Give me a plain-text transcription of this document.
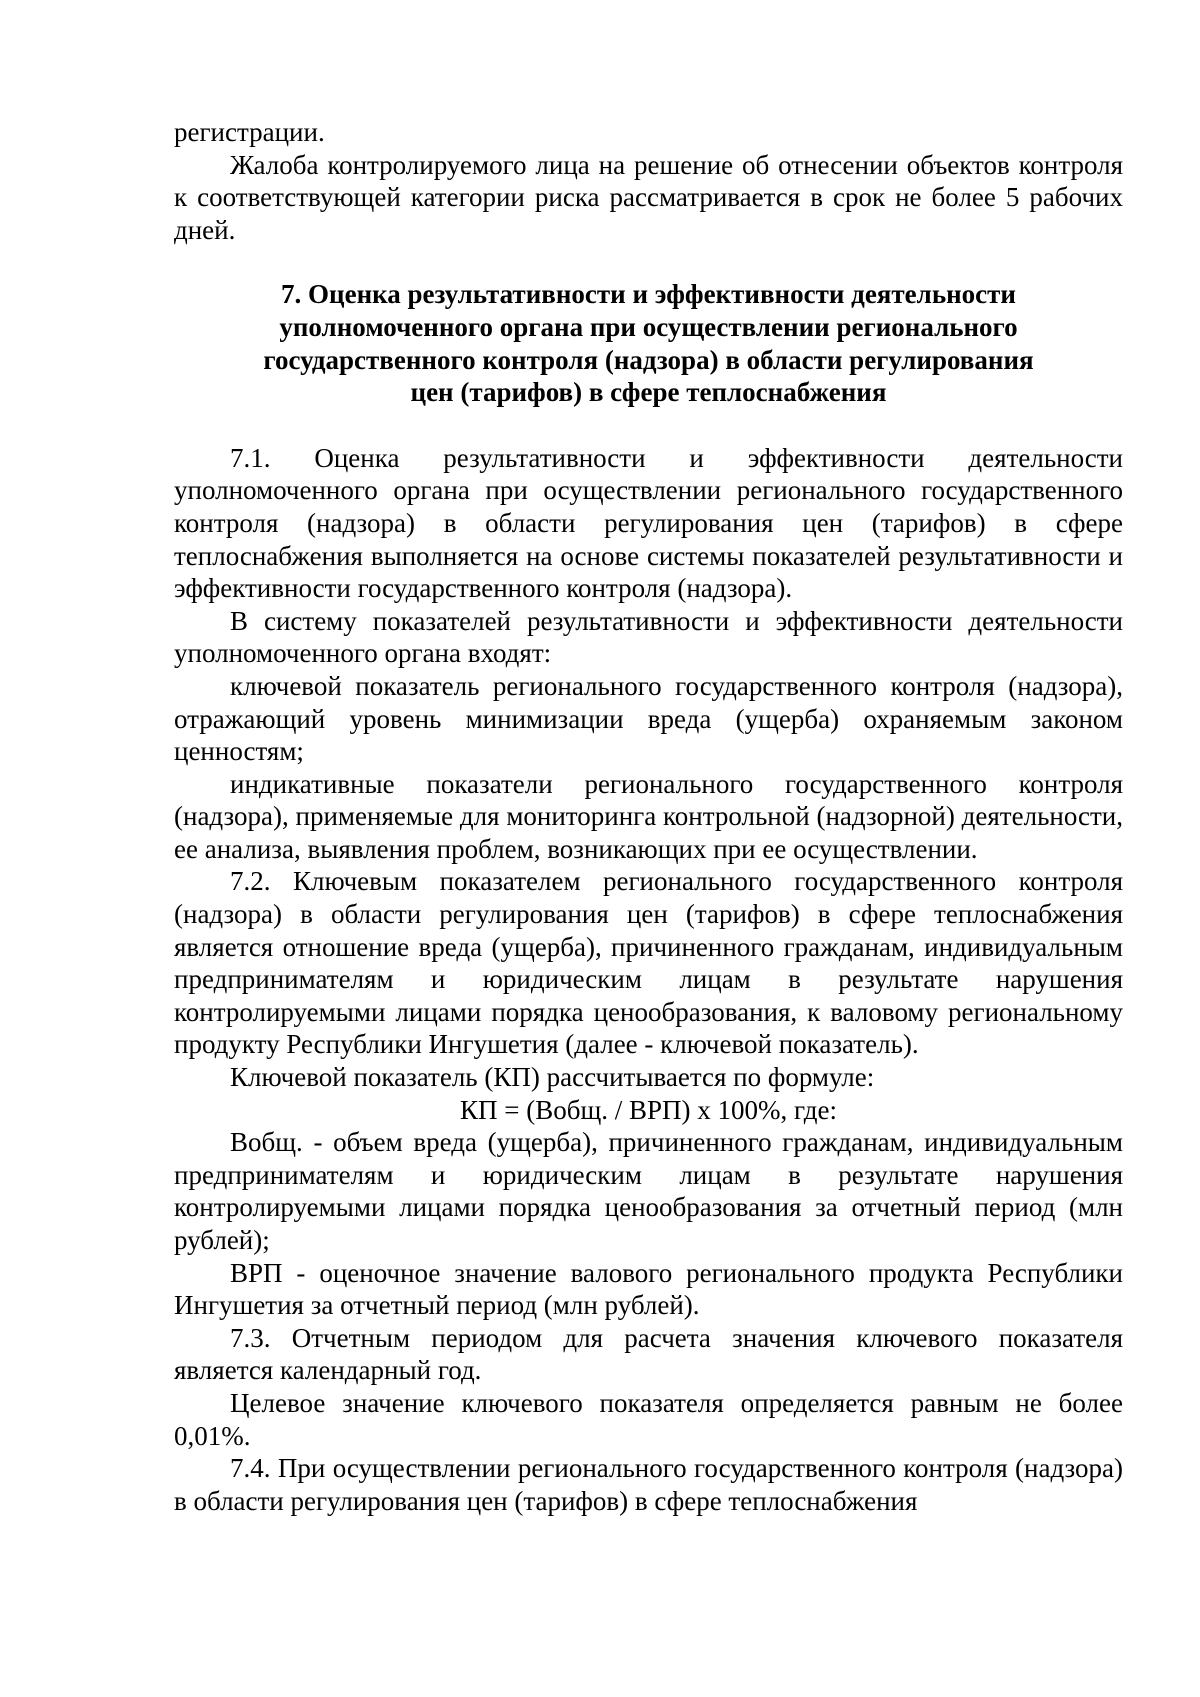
регистрации.

Жалоба контролируемого лица на решение об отнесении объектов контроля к соответствующей категории риска рассматривается в срок не более 5 рабочих дней.

7. Оценка результативности и эффективности деятельности
уполномоченного органа при осуществлении регионального
государственного контроля (надзора) в области регулирования
цен (тарифов) в сфере теплоснабжения

7.1. Оценка результативности и эффективности деятельности уполномоченного органа при осуществлении регионального государственного контроля (надзора) в области регулирования цен (тарифов) в сфере теплоснабжения выполняется на основе системы показателей результативности и эффективности государственного контроля (надзора).

В систему показателей результативности и эффективности деятельности уполномоченного органа входят:

ключевой показатель регионального государственного контроля (надзора), отражающий уровень минимизации вреда (ущерба) охраняемым законом ценностям;

индикативные показатели регионального государственного контроля (надзора), применяемые для мониторинга контрольной (надзорной) деятельности, ее анализа, выявления проблем, возникающих при ее осуществлении.

7.2. Ключевым показателем регионального государственного контроля (надзора) в области регулирования цен (тарифов) в сфере теплоснабжения является отношение вреда (ущерба), причиненного гражданам, индивидуальным предпринимателям и юридическим лицам в результате нарушения контролируемыми лицами порядка ценообразования, к валовому региональному продукту Республики Ингушетия (далее - ключевой показатель).

Ключевой показатель (КП) рассчитывается по формуле:

КП = (Вобщ. / ВРП) x 100%, где:

Вобщ. - объем вреда (ущерба), причиненного гражданам, индивидуальным предпринимателям и юридическим лицам в результате нарушения контролируемыми лицами порядка ценообразования за отчетный период (млн рублей);

ВРП - оценочное значение валового регионального продукта Республики Ингушетия за отчетный период (млн рублей).

7.3. Отчетным периодом для расчета значения ключевого показателя является календарный год.

Целевое значение ключевого показателя определяется равным не более 0,01%.

7.4. При осуществлении регионального государственного контроля (надзора) в области регулирования цен (тарифов) в сфере теплоснабжения
